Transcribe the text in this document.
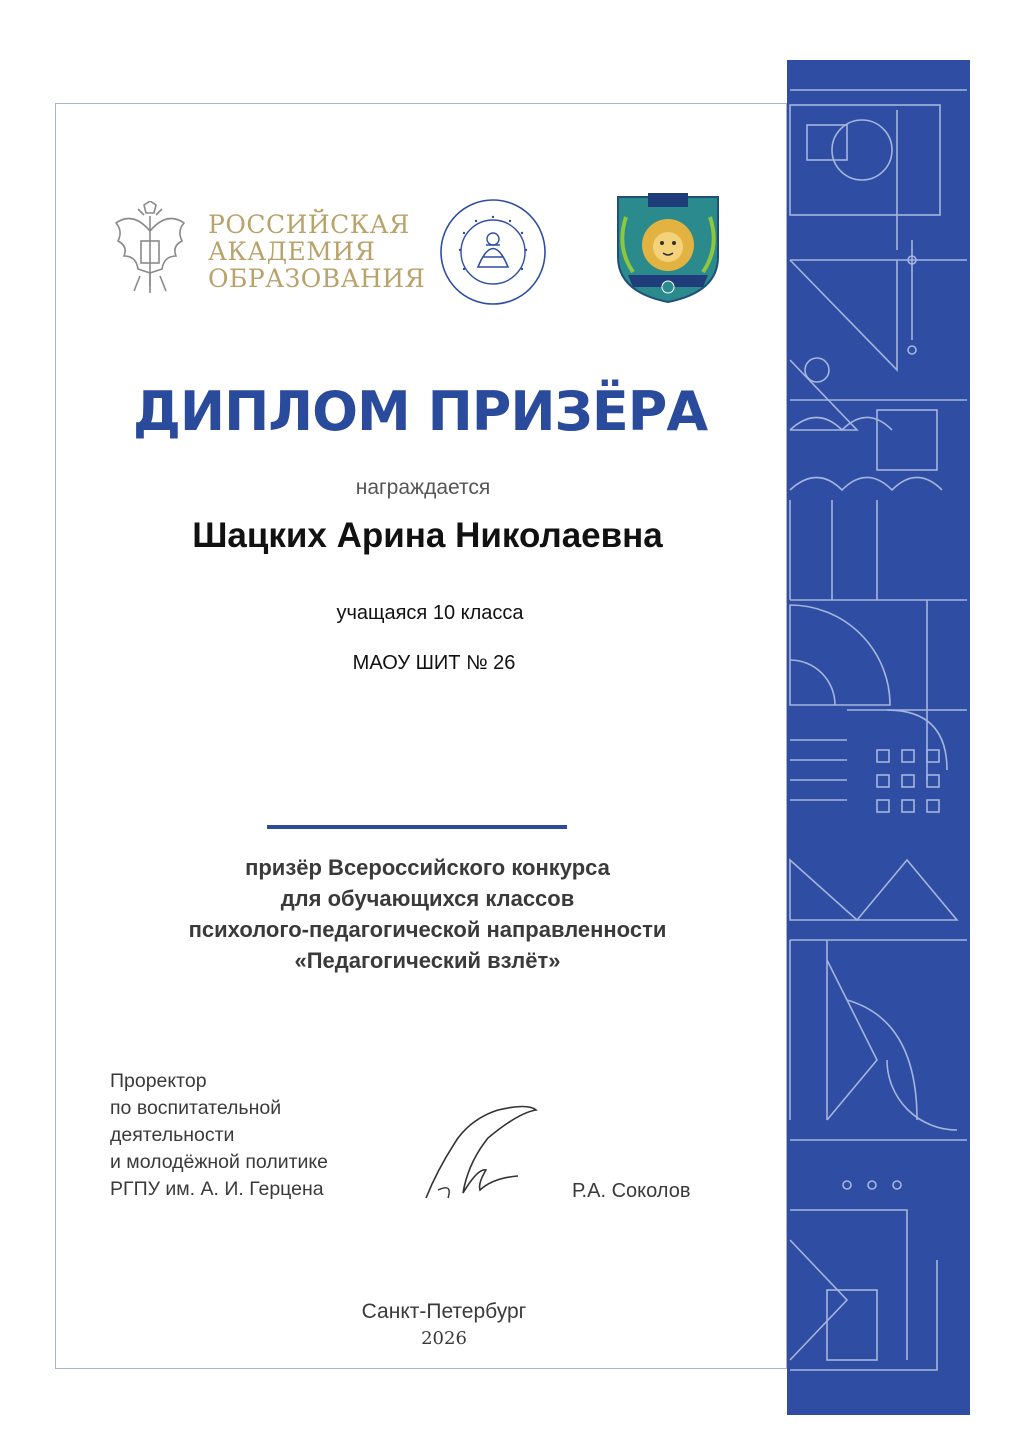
РОССИЙСКАЯ
АКАДЕМИЯ
ОБРАЗОВАНИЯ
ДИПЛОМ ПРИЗЁРА
награждается
Шацких Арина Николаевна
учащаяся 10 класса
МАОУ ШИТ № 26
призёр Всероссийского конкурса
для обучающихся классов
психолого-педагогической направленности
«Педагогический взлёт»
Проректор
по воспитательной
деятельности
и молодёжной политике
РГПУ им. А. И. Герцена	Р.А. Соколов
Санкт-Петербург
2026
